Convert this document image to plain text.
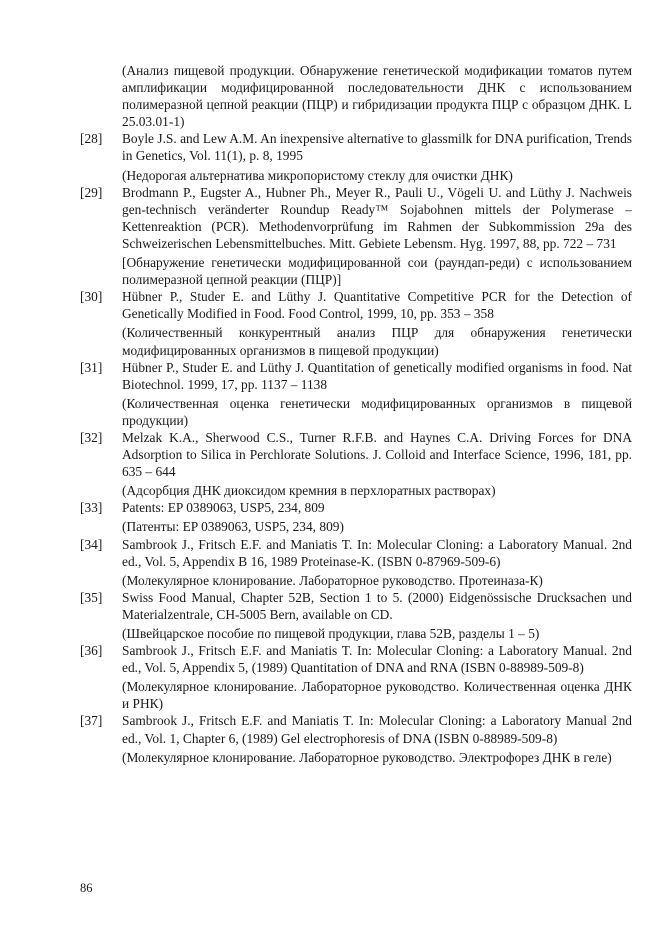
(Анализ пищевой продукции. Обнаружение генетической модификации томатов путем амплификации модифицированной последовательности ДНК с использованием полимеразной цепной реакции (ПЦР) и гибридизации продукта ПЦР с образцом ДНК. L 25.03.01-1)
[28] Boyle J.S. and Lew A.M. An inexpensive alternative to glassmilk for DNA purification, Trends in Genetics, Vol. 11(1), p. 8, 1995
(Недорогая альтернатива микропористому стеклу для очистки ДНК)
[29] Brodmann P., Eugster A., Hubner Ph., Meyer R., Pauli U., Vögeli U. and Lüthy J. Nachweis gen-technisch veränderter Roundup Ready™ Sojabohnen mittels der Polymerase – Kettenreaktion (PCR). Methodenvorprüfung im Rahmen der Subkommission 29a des Schweizerischen Lebensmittelbuches. Mitt. Gebiete Lebensm. Hyg. 1997, 88, pp. 722 – 731
[Обнаружение генетически модифицированной сои (раундап-реди) с использованием полимеразной цепной реакции (ПЦР)]
[30] Hübner P., Studer E. and Lüthy J. Quantitative Competitive PCR for the Detection of Genetically Modified in Food. Food Control, 1999, 10, pp. 353 – 358
(Количественный конкурентный анализ ПЦР для обнаружения генетически модифицированных организмов в пищевой продукции)
[31] Hübner P., Studer E. and Lüthy J. Quantitation of genetically modified organisms in food. Nat Biotechnol. 1999, 17, pp. 1137 – 1138
(Количественная оценка генетически модифицированных организмов в пищевой продукции)
[32] Melzak K.A., Sherwood C.S., Turner R.F.B. and Haynes C.A. Driving Forces for DNA Adsorption to Silica in Perchlorate Solutions. J. Colloid and Interface Science, 1996, 181, pp. 635 – 644
(Адсорбция ДНК диоксидом кремния в перхлоратных растворах)
[33] Patents: EP 0389063, USP5, 234, 809
(Патенты: EP 0389063, USP5, 234, 809)
[34] Sambrook J., Fritsch E.F. and Maniatis T. In: Molecular Cloning: a Laboratory Manual. 2nd ed., Vol. 5, Appendix B 16, 1989 Proteinase-K. (ISBN 0-87969-509-6)
(Молекулярное клонирование. Лабораторное руководство. Протеиназа-К)
[35] Swiss Food Manual, Chapter 52B, Section 1 to 5. (2000) Eidgenössische Drucksachen und Materialzentrale, CH-5005 Bern, available on CD.
(Швейцарское пособие по пищевой продукции, глава 52B, разделы 1 – 5)
[36] Sambrook J., Fritsch E.F. and Maniatis T. In: Molecular Cloning: a Laboratory Manual. 2nd ed., Vol. 5, Appendix 5, (1989) Quantitation of DNA and RNA (ISBN 0-88989-509-8)
(Молекулярное клонирование. Лабораторное руководство. Количественная оценка ДНК и РНК)
[37] Sambrook J., Fritsch E.F. and Maniatis T. In: Molecular Cloning: a Laboratory Manual 2nd ed., Vol. 1, Chapter 6, (1989) Gel electrophoresis of DNA (ISBN 0-88989-509-8)
(Молекулярное клонирование. Лабораторное руководство. Электрофорез ДНК в геле)
86
